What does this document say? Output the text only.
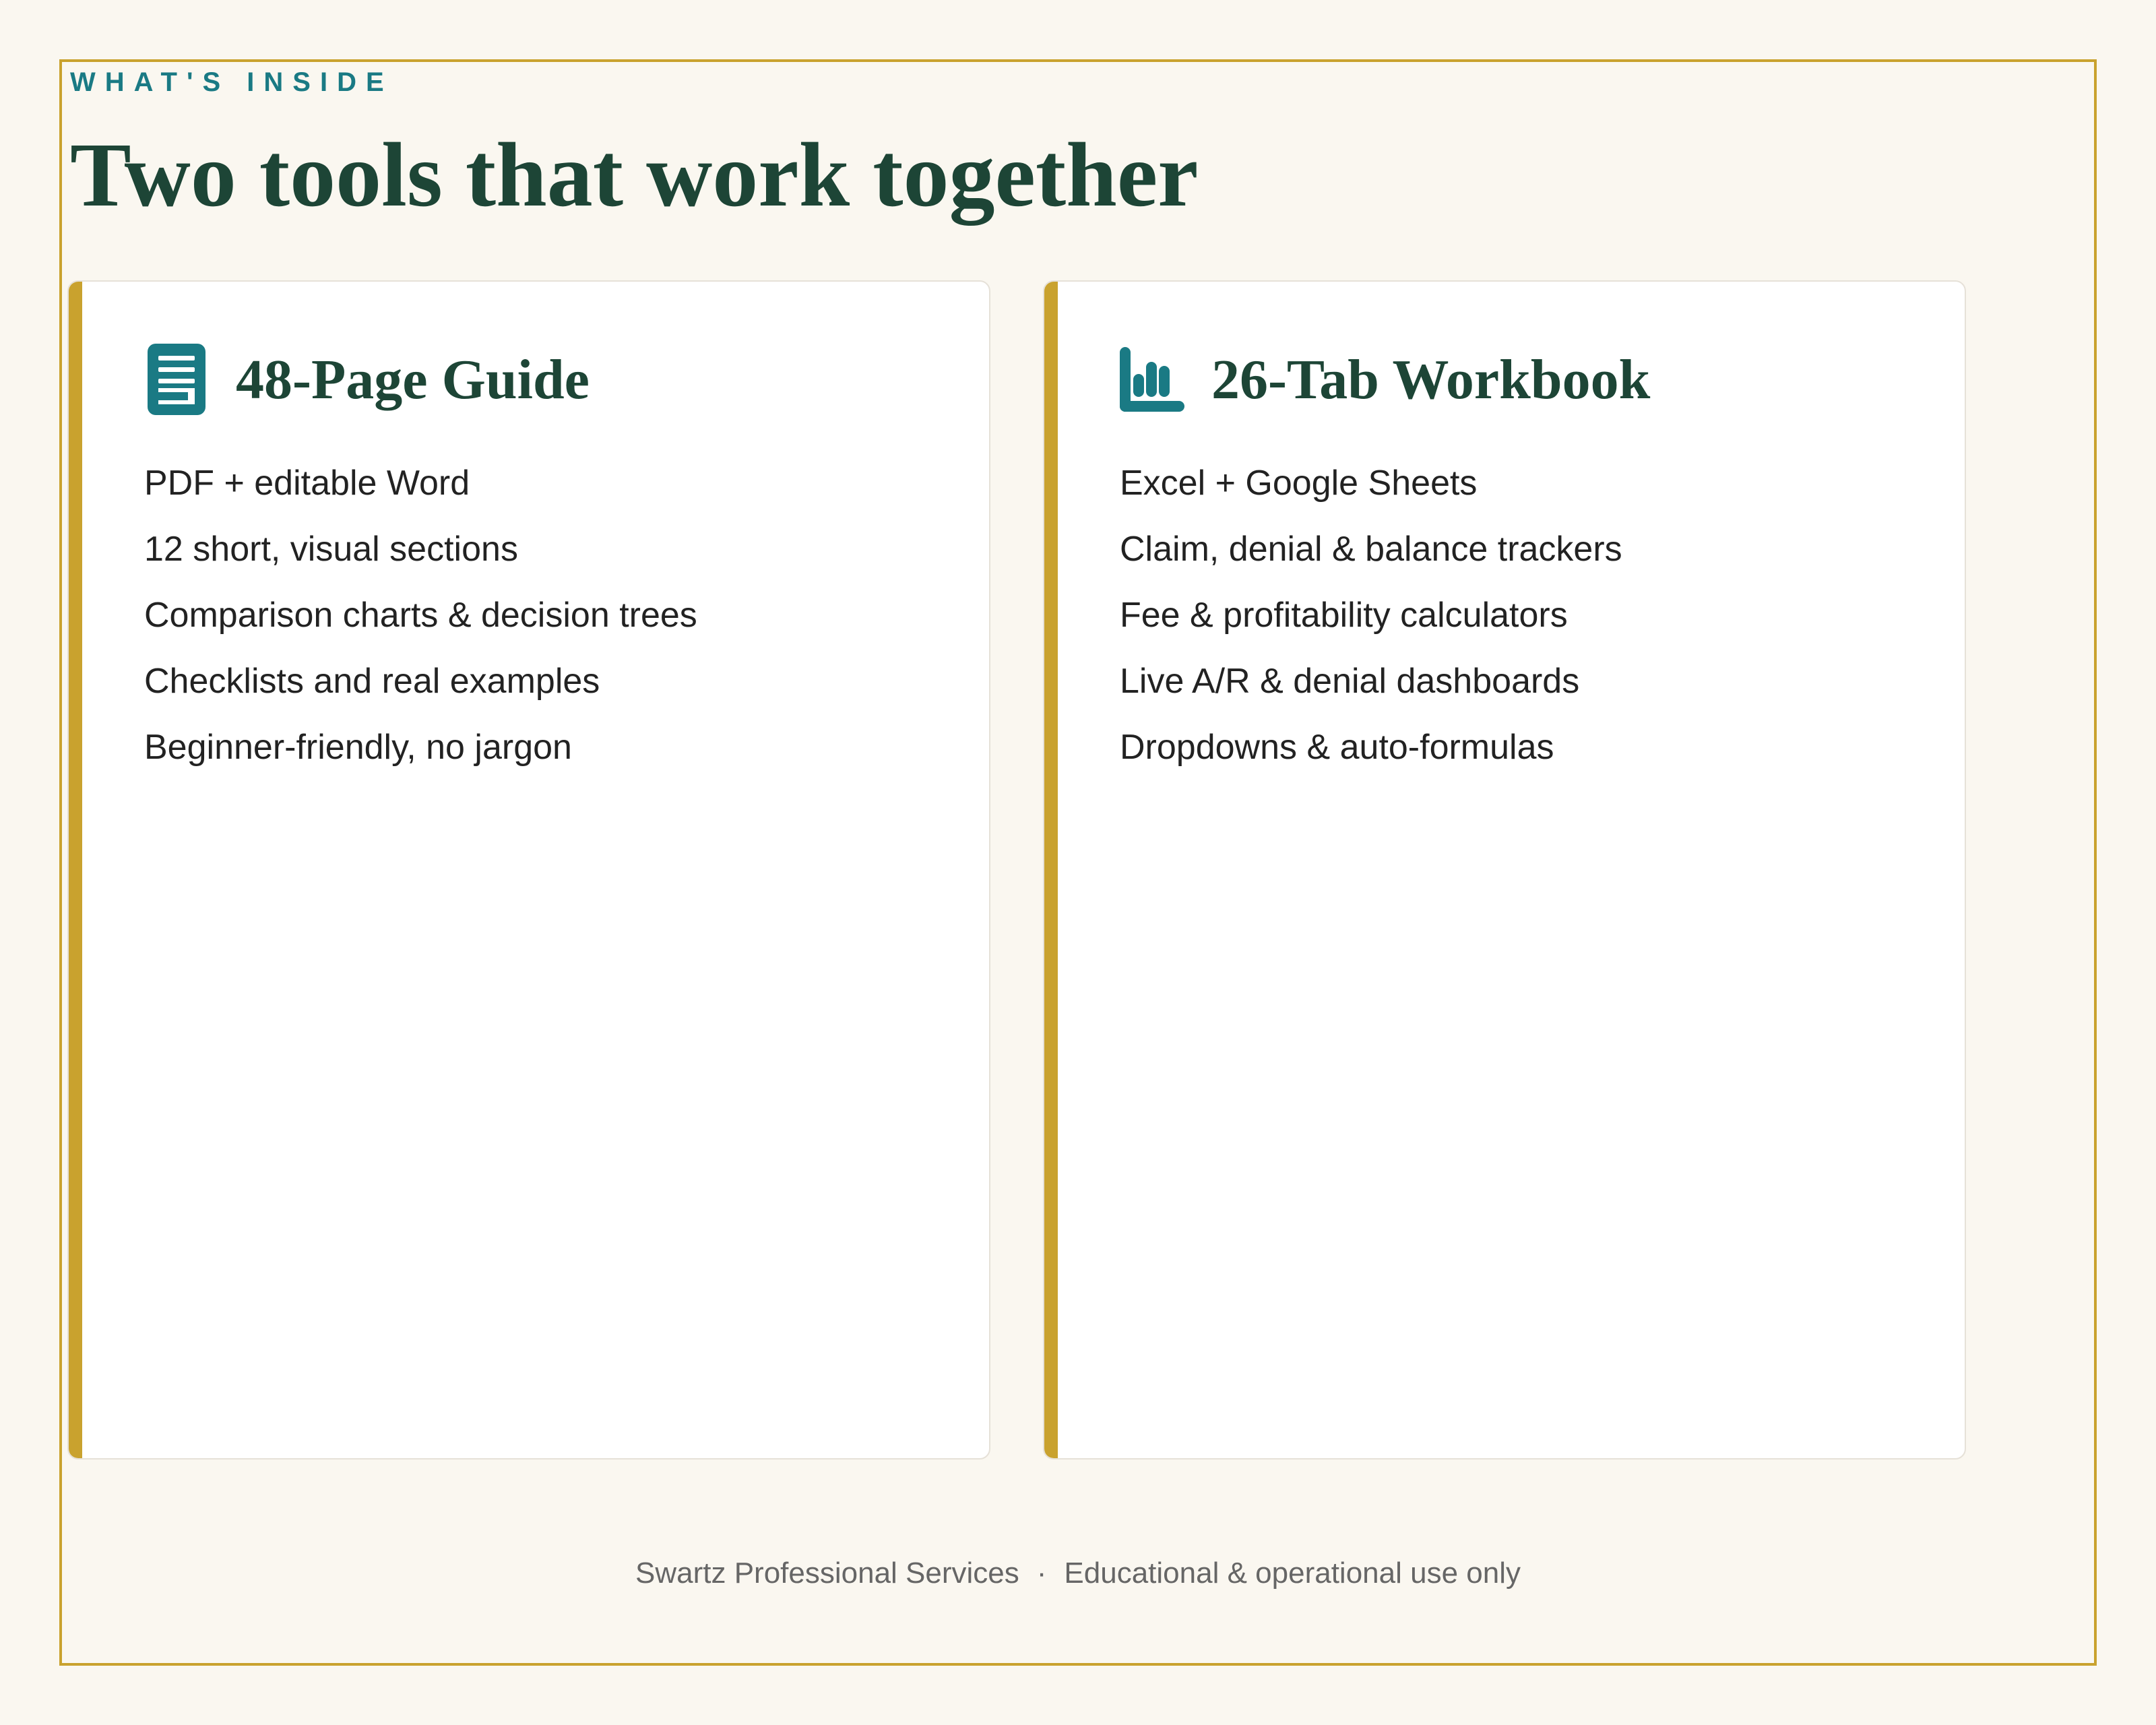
WHAT'S INSIDE
Two tools that work together
48-Page Guide
PDF + editable Word
12 short, visual sections
Comparison charts & decision trees
Checklists and real examples
Beginner-friendly, no jargon
26-Tab Workbook
Excel + Google Sheets
Claim, denial & balance trackers
Fee & profitability calculators
Live A/R & denial dashboards
Dropdowns & auto-formulas
Swartz Professional Services · Educational & operational use only
